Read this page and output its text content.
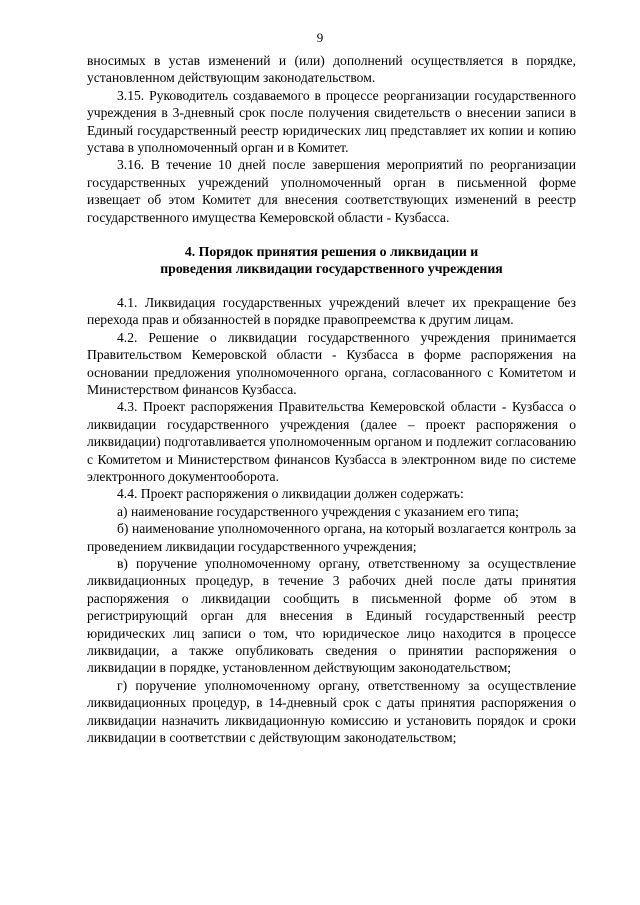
9

вносимых в устав изменений и (или) дополнений осуществляется в порядке, установленном действующим законодательством.

3.15. Руководитель создаваемого в процессе реорганизации государственного учреждения в 3-дневный срок после получения свидетельств о внесении записи в Единый государственный реестр юридических лиц представляет их копии и копию устава в уполномоченный орган и в Комитет.

3.16. В течение 10 дней после завершения мероприятий по реорганизации государственных учреждений уполномоченный орган в письменной форме извещает об этом Комитет для внесения соответствующих изменений в реестр государственного имущества Кемеровской области - Кузбасса.

4. Порядок принятия решения о ликвидации и
проведения ликвидации государственного учреждения

4.1. Ликвидация государственных учреждений влечет их прекращение без перехода прав и обязанностей в порядке правопреемства к другим лицам.

4.2. Решение о ликвидации государственного учреждения принимается Правительством Кемеровской области - Кузбасса в форме распоряжения на основании предложения уполномоченного органа, согласованного с Комитетом и Министерством финансов Кузбасса.

4.3. Проект распоряжения Правительства Кемеровской области - Кузбасса о ликвидации государственного учреждения (далее – проект распоряжения о ликвидации) подготавливается уполномоченным органом и подлежит согласованию с Комитетом и Министерством финансов Кузбасса в электронном виде по системе электронного документооборота.

4.4. Проект распоряжения о ликвидации должен содержать:

а) наименование государственного учреждения с указанием его типа;

б) наименование уполномоченного органа, на который возлагается контроль за проведением ликвидации государственного учреждения;

в) поручение уполномоченному органу, ответственному за осуществление ликвидационных процедур, в течение 3 рабочих дней после даты принятия распоряжения о ликвидации сообщить в письменной форме об этом в регистрирующий орган для внесения в Единый государственный реестр юридических лиц записи о том, что юридическое лицо находится в процессе ликвидации, а также опубликовать сведения о принятии распоряжения о ликвидации в порядке, установленном действующим законодательством;

г) поручение уполномоченному органу, ответственному за осуществление ликвидационных процедур, в 14-дневный срок с даты принятия распоряжения о ликвидации назначить ликвидационную комиссию и установить порядок и сроки ликвидации в соответствии с действующим законодательством;
